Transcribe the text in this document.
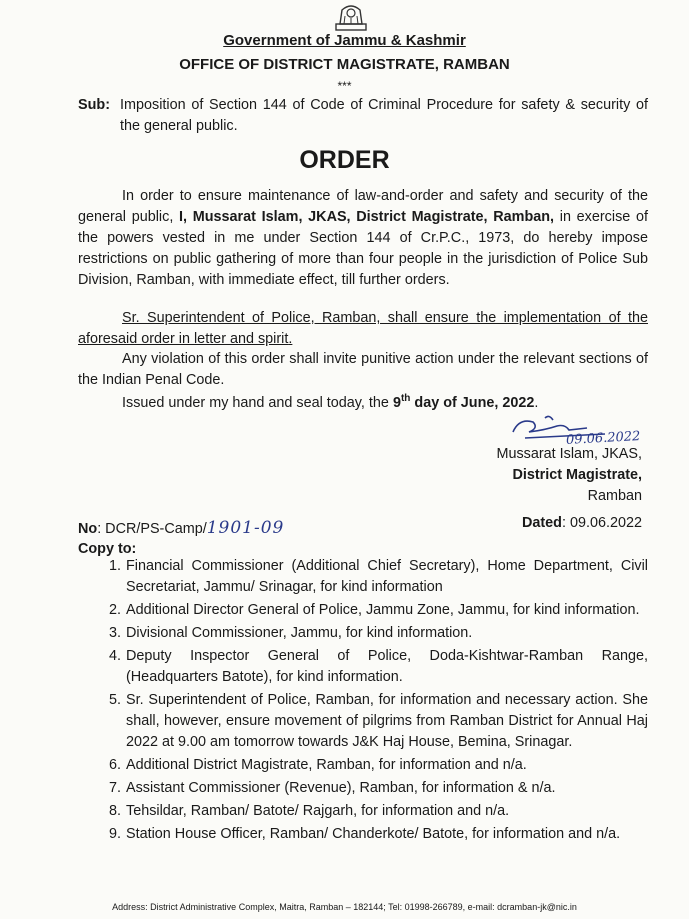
Government of Jammu & Kashmir
OFFICE OF DISTRICT MAGISTRATE, RAMBAN
***
Sub: Imposition of Section 144 of Code of Criminal Procedure for safety & security of the general public.
ORDER
In order to ensure maintenance of law-and-order and safety and security of the general public, I, Mussarat Islam, JKAS, District Magistrate, Ramban, in exercise of the powers vested in me under Section 144 of Cr.P.C., 1973, do hereby impose restrictions on public gathering of more than four people in the jurisdiction of Police Sub Division, Ramban, with immediate effect, till further orders.
Sr. Superintendent of Police, Ramban, shall ensure the implementation of the aforesaid order in letter and spirit.
Any violation of this order shall invite punitive action under the relevant sections of the Indian Penal Code.
Issued under my hand and seal today, the 9th day of June, 2022.
09.06.2022
Mussarat Islam, JKAS,
District Magistrate,
Ramban
No: DCR/PS-Camp/1901-09	Dated: 09.06.2022
Copy to:
1. Financial Commissioner (Additional Chief Secretary), Home Department, Civil Secretariat, Jammu/ Srinagar, for kind information
2. Additional Director General of Police, Jammu Zone, Jammu, for kind information.
3. Divisional Commissioner, Jammu, for kind information.
4. Deputy Inspector General of Police, Doda-Kishtwar-Ramban Range, (Headquarters Batote), for kind information.
5. Sr. Superintendent of Police, Ramban, for information and necessary action. She shall, however, ensure movement of pilgrims from Ramban District for Annual Haj 2022 at 9.00 am tomorrow towards J&K Haj House, Bemina, Srinagar.
6. Additional District Magistrate, Ramban, for information and n/a.
7. Assistant Commissioner (Revenue), Ramban, for information & n/a.
8. Tehsildar, Ramban/ Batote/ Rajgarh, for information and n/a.
9. Station House Officer, Ramban/ Chanderkote/ Batote, for information and n/a.
Address: District Administrative Complex, Maitra, Ramban – 182144; Tel: 01998-266789, e-mail: dcramban-jk@nic.in
